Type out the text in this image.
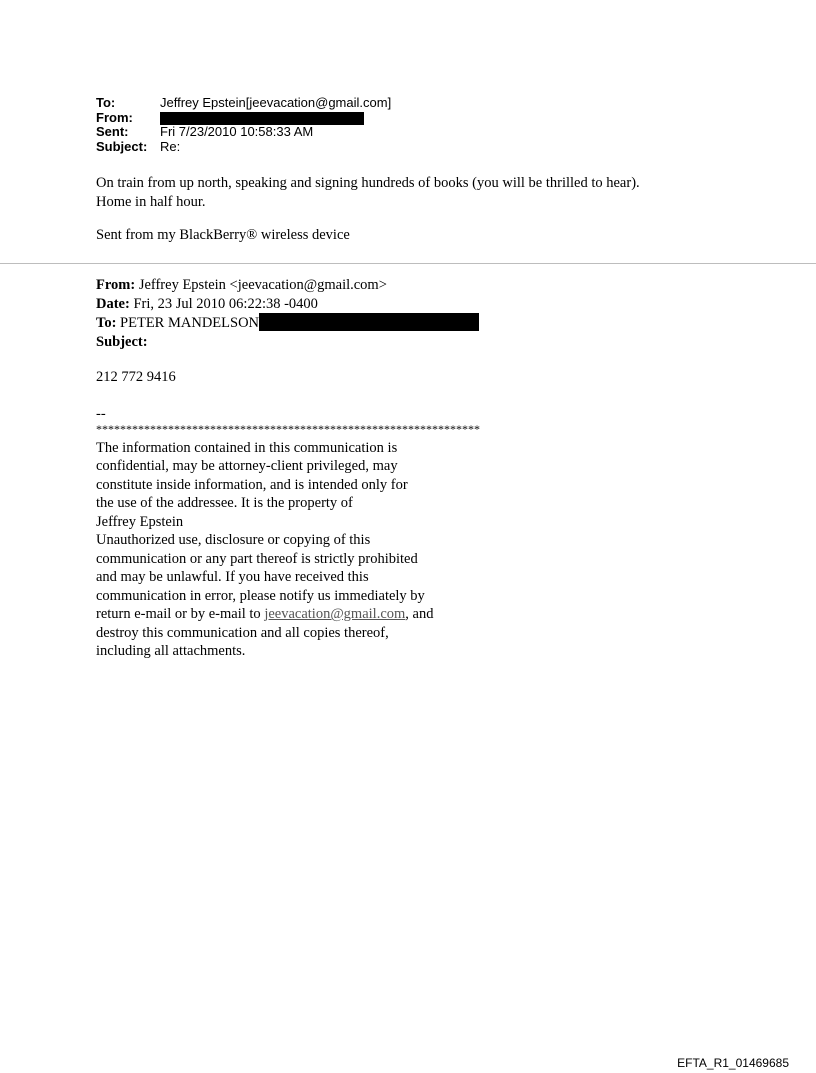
To:	Jeffrey Epstein[jeevacation@gmail.com]
From:
Sent:	Fri 7/23/2010 10:58:33 AM
Subject: Re:
On train from up north, speaking and signing hundreds of books (you will be thrilled to hear).
Home in half hour.
Sent from my BlackBerry® wireless device
From: Jeffrey Epstein <jeevacation@gmail.com>
Date: Fri, 23 Jul 2010 06:22:38 -0400
To: PETER MANDELSON
Subject:
212 772 9416
--
****************************************************************
The information contained in this communication is
confidential, may be attorney-client privileged, may
constitute inside information, and is intended only for
the use of the addressee. It is the property of
Jeffrey Epstein
Unauthorized use, disclosure or copying of this
communication or any part thereof is strictly prohibited
and may be unlawful. If you have received this
communication in error, please notify us immediately by
return e-mail or by e-mail to jeevacation@gmail.com, and
destroy this communication and all copies thereof,
including all attachments.
EFTA_R1_01469685
